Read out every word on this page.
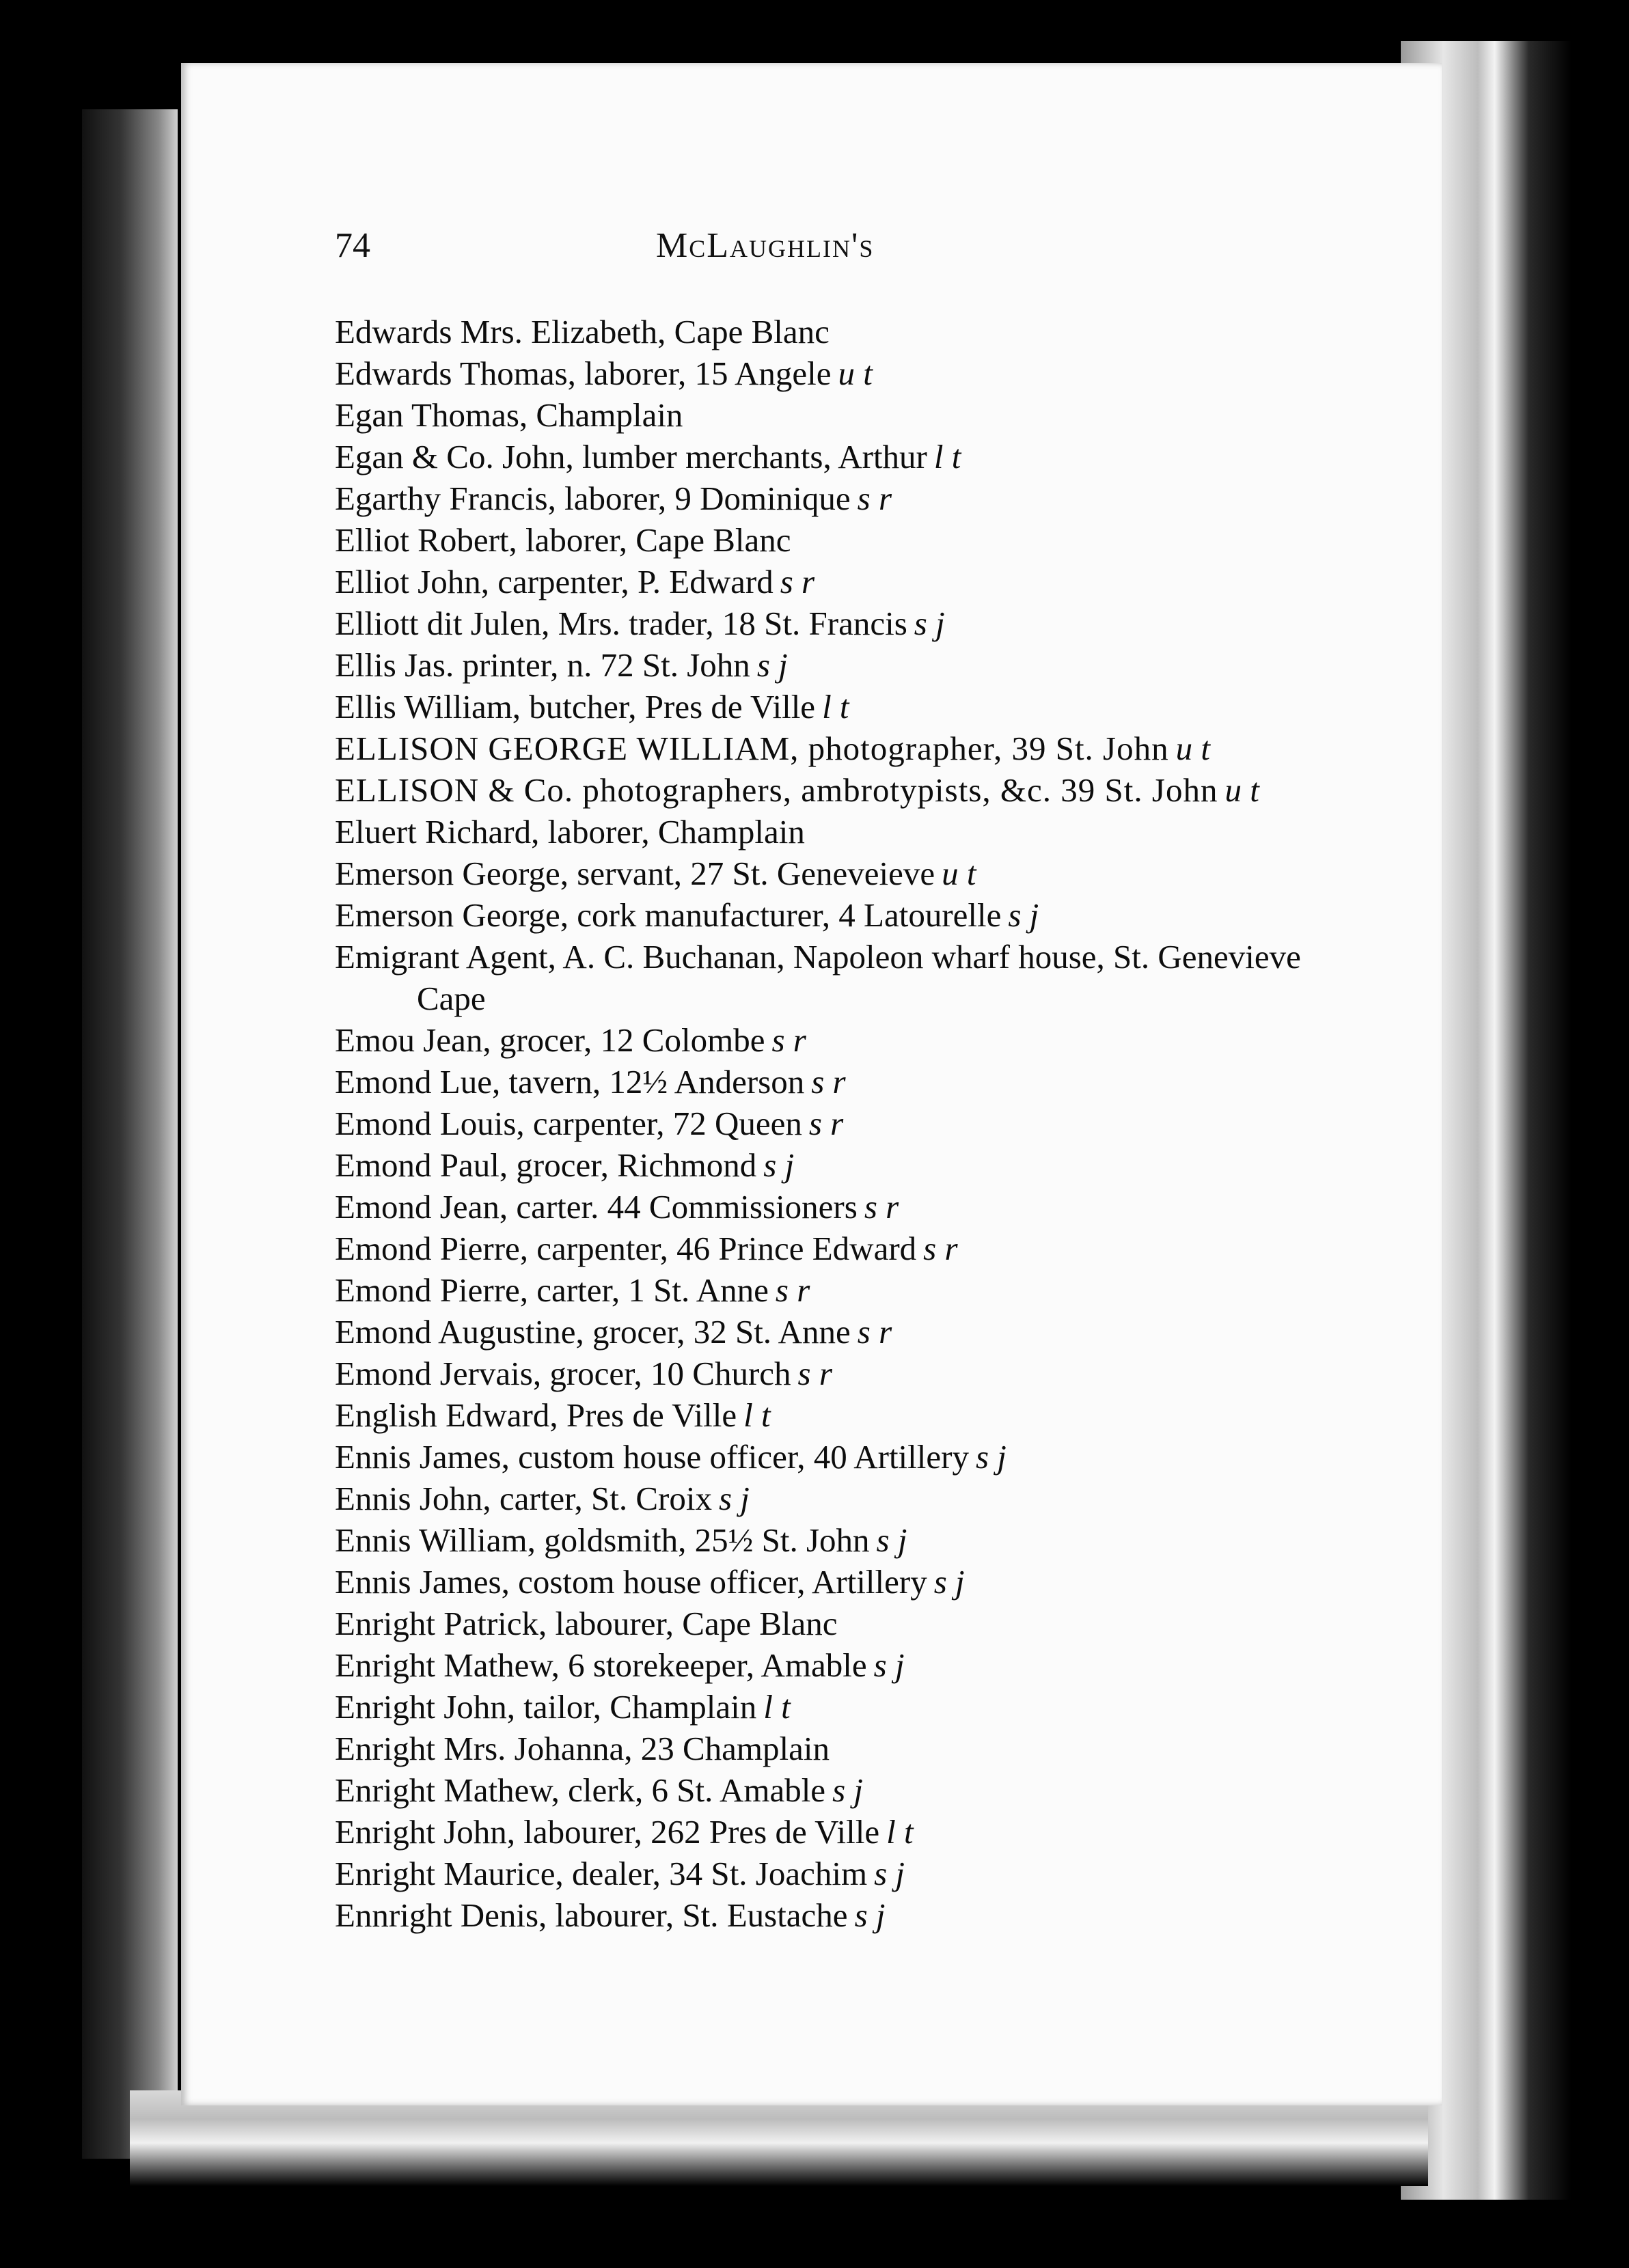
74	McLaughlin's
Edwards Mrs. Elizabeth, Cape Blanc
Edwards Thomas, laborer, 15 Angele u t
Egan Thomas, Champlain
Egan & Co. John, lumber merchants, Arthur l t
Egarthy Francis, laborer, 9 Dominique s r
Elliot Robert, laborer, Cape Blanc
Elliot John, carpenter, P. Edward s r
Elliott dit Julen, Mrs. trader, 18 St. Francis s j
Ellis Jas. printer, n. 72 St. John s j
Ellis William, butcher, Pres de Ville l t
ELLISON GEORGE WILLIAM, photographer, 39 St. John u t
ELLISON & Co. photographers, ambrotypists, &c. 39 St. John u t
Eluert Richard, laborer, Champlain
Emerson George, servant, 27 St. Geneveieve u t
Emerson George, cork manufacturer, 4 Latourelle s j
Emigrant Agent, A. C. Buchanan, Napoleon wharf house, St. Genevieve Cape
Emou Jean, grocer, 12 Colombe s r
Emond Lue, tavern, 12½ Anderson s r
Emond Louis, carpenter, 72 Queen s r
Emond Paul, grocer, Richmond s j
Emond Jean, carter. 44 Commissioners s r
Emond Pierre, carpenter, 46 Prince Edward s r
Emond Pierre, carter, 1 St. Anne s r
Emond Augustine, grocer, 32 St. Anne s r
Emond Jervais, grocer, 10 Church s r
English Edward, Pres de Ville l t
Ennis James, custom house officer, 40 Artillery s j
Ennis John, carter, St. Croix s j
Ennis William, goldsmith, 25½ St. John s j
Ennis James, costom house officer, Artillery s j
Enright Patrick, labourer, Cape Blanc
Enright Mathew, 6 storekeeper, Amable s j
Enright John, tailor, Champlain l t
Enright Mrs. Johanna, 23 Champlain
Enright Mathew, clerk, 6 St. Amable s j
Enright John, labourer, 262 Pres de Ville l t
Enright Maurice, dealer, 34 St. Joachim s j
Ennright Denis, labourer, St. Eustache s j
